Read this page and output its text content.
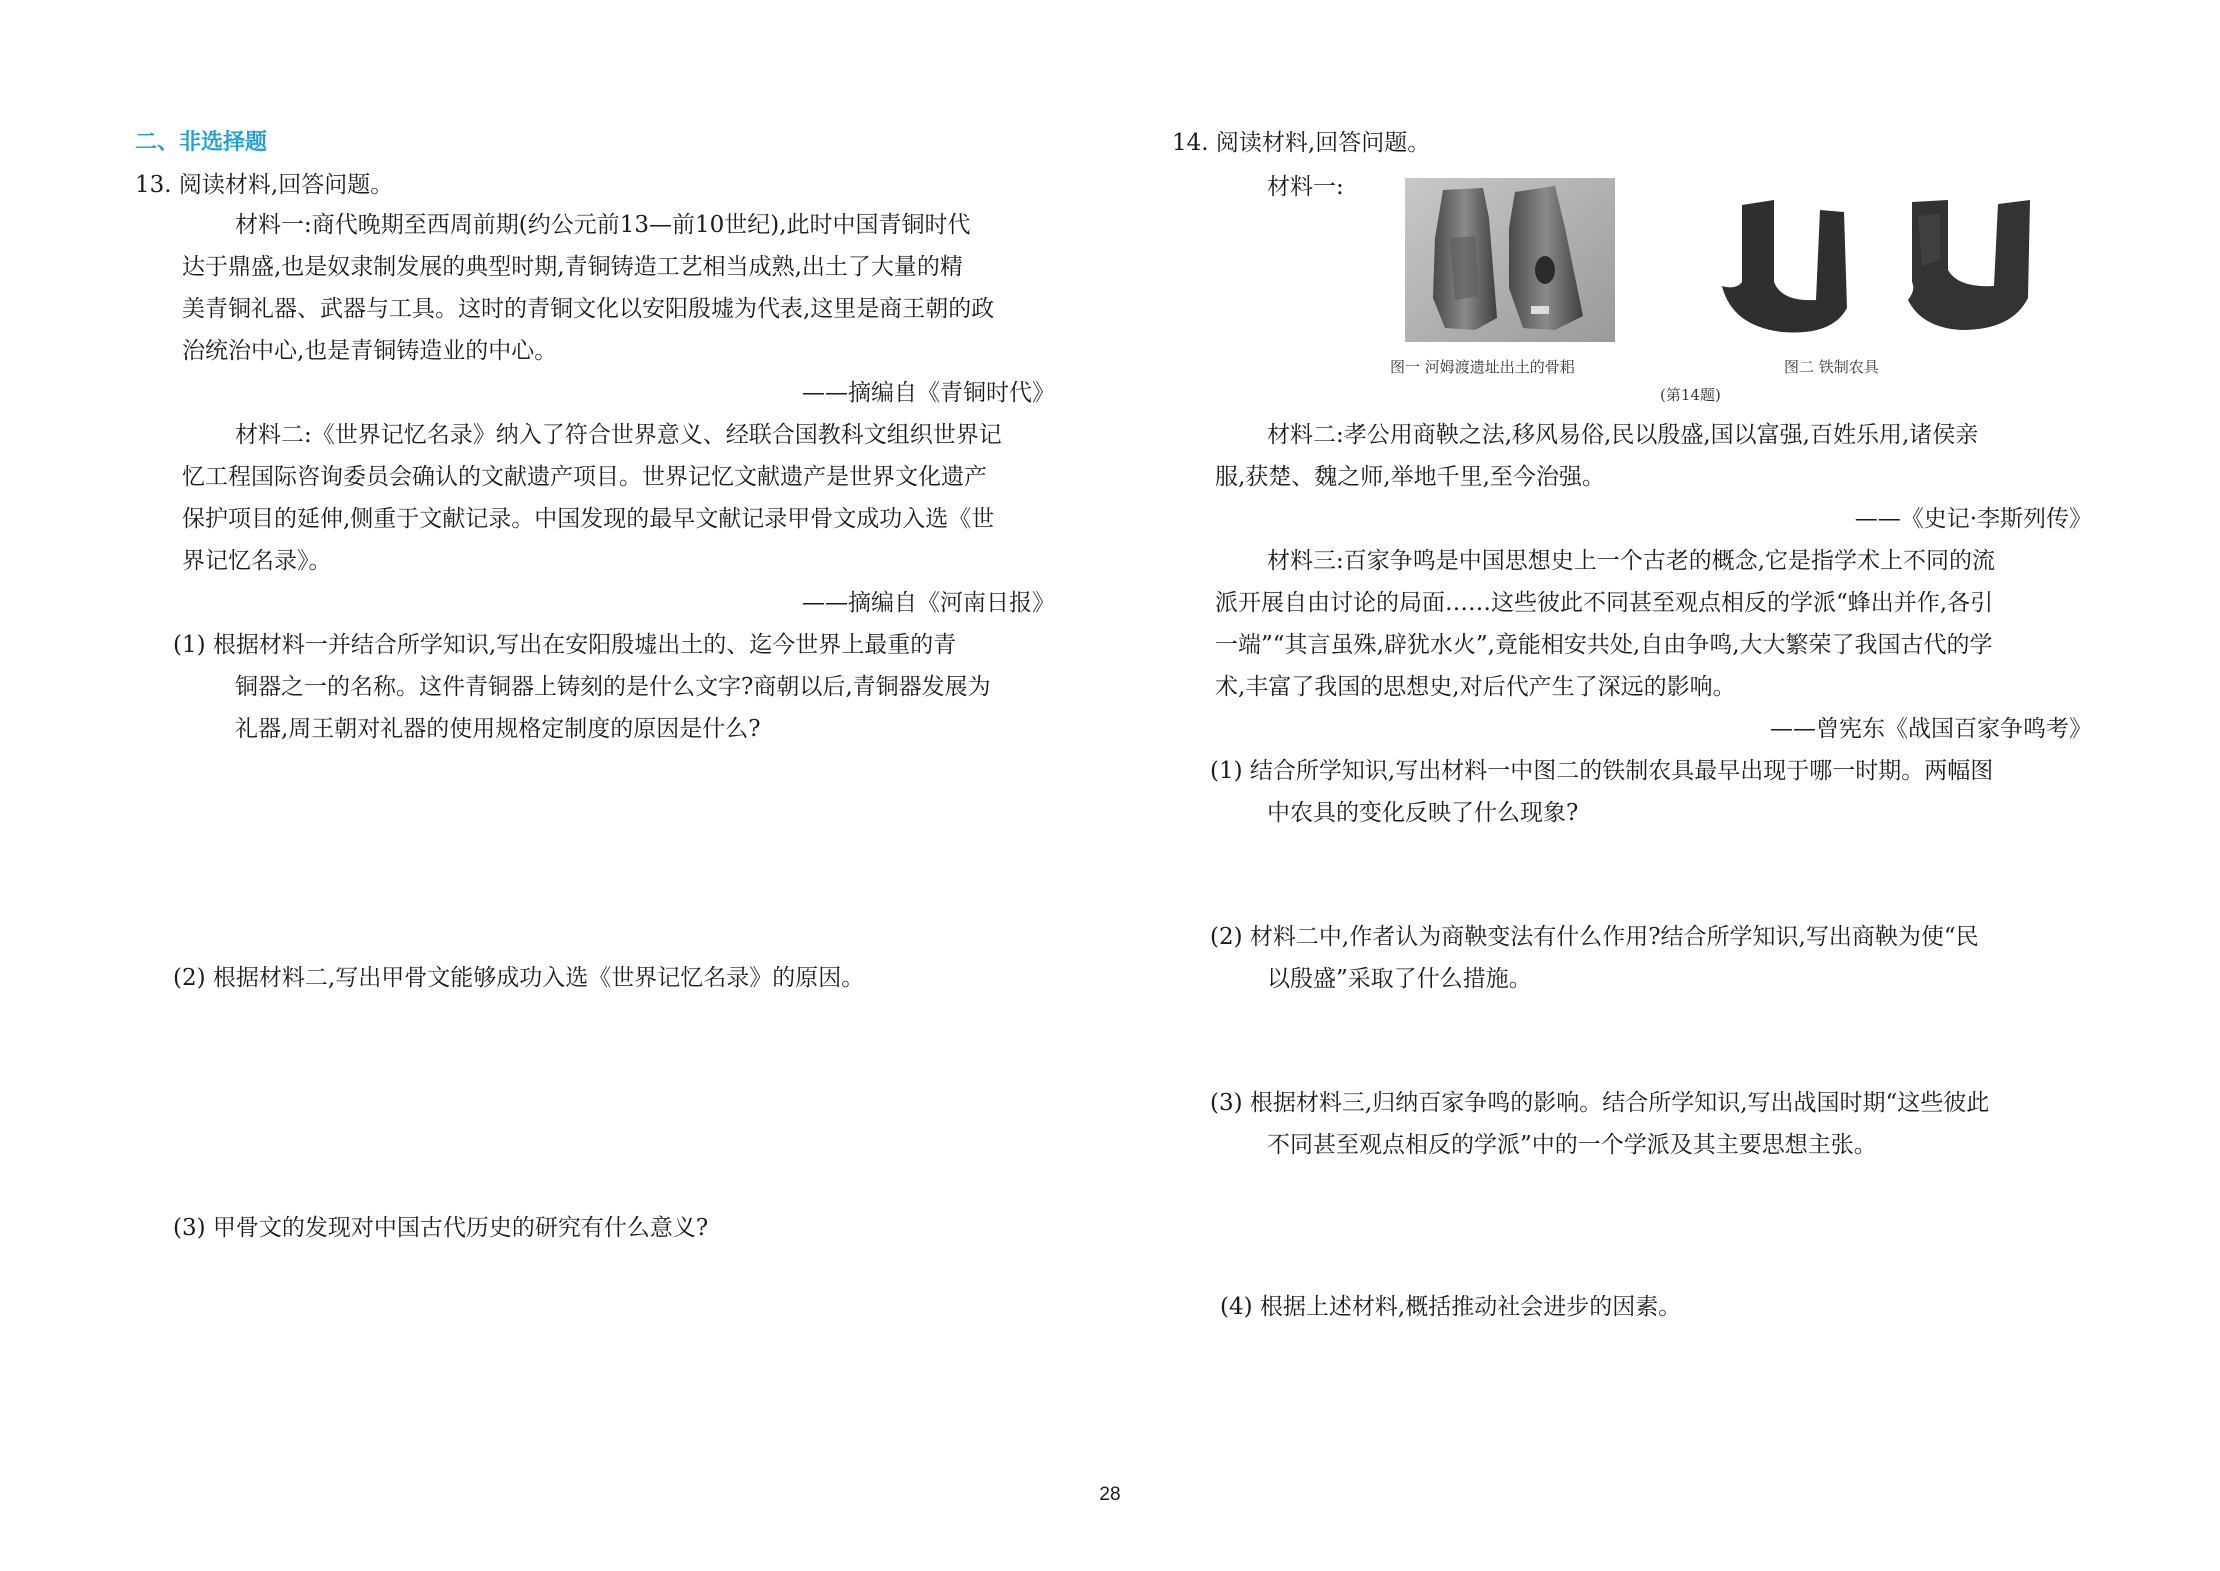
二、非选择题
13. 阅读材料,回答问题。
材料一:商代晚期至西周前期(约公元前13—前10世纪),此时中国青铜时代
达于鼎盛,也是奴隶制发展的典型时期,青铜铸造工艺相当成熟,出土了大量的精
美青铜礼器、武器与工具。这时的青铜文化以安阳殷墟为代表,这里是商王朝的政
治统治中心,也是青铜铸造业的中心。
——摘编自《青铜时代》
材料二:《世界记忆名录》纳入了符合世界意义、经联合国教科文组织世界记
忆工程国际咨询委员会确认的文献遗产项目。世界记忆文献遗产是世界文化遗产
保护项目的延伸,侧重于文献记录。中国发现的最早文献记录甲骨文成功入选《世
界记忆名录》。
——摘编自《河南日报》
(1) 根据材料一并结合所学知识,写出在安阳殷墟出土的、迄今世界上最重的青
铜器之一的名称。这件青铜器上铸刻的是什么文字?商朝以后,青铜器发展为
礼器,周王朝对礼器的使用规格定制度的原因是什么?
(2) 根据材料二,写出甲骨文能够成功入选《世界记忆名录》的原因。
(3) 甲骨文的发现对中国古代历史的研究有什么意义?
14. 阅读材料,回答问题。
材料一:
图一 河姆渡遗址出土的骨耜	图二 铁制农具
(第14题)
材料二:孝公用商鞅之法,移风易俗,民以殷盛,国以富强,百姓乐用,诸侯亲
服,获楚、魏之师,举地千里,至今治强。
——《史记·李斯列传》
材料三:百家争鸣是中国思想史上一个古老的概念,它是指学术上不同的流
派开展自由讨论的局面……这些彼此不同甚至观点相反的学派“蜂出并作,各引
一端”“其言虽殊,辟犹水火”,竟能相安共处,自由争鸣,大大繁荣了我国古代的学
术,丰富了我国的思想史,对后代产生了深远的影响。
——曾宪东《战国百家争鸣考》
(1) 结合所学知识,写出材料一中图二的铁制农具最早出现于哪一时期。两幅图
中农具的变化反映了什么现象?
(2) 材料二中,作者认为商鞅变法有什么作用?结合所学知识,写出商鞅为使“民
以殷盛”采取了什么措施。
(3) 根据材料三,归纳百家争鸣的影响。结合所学知识,写出战国时期“这些彼此
不同甚至观点相反的学派”中的一个学派及其主要思想主张。
(4) 根据上述材料,概括推动社会进步的因素。
28
